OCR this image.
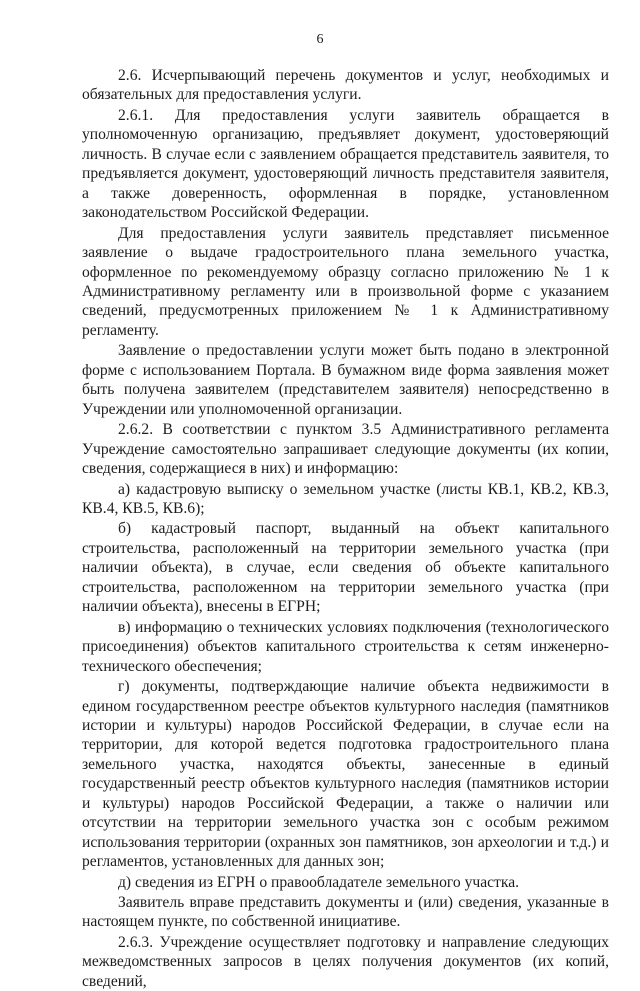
6

2.6. Исчерпывающий перечень документов и услуг, необходимых и обязательных для предоставления услуги.

2.6.1. Для предоставления услуги заявитель обращается в уполномоченную организацию, предъявляет документ, удостоверяющий личность. В случае если с заявлением обращается представитель заявителя, то предъявляется документ, удостоверяющий личность представителя заявителя, а также доверенность, оформленная в порядке, установленном законодательством Российской Федерации.

Для предоставления услуги заявитель представляет письменное заявление о выдаче градостроительного плана земельного участка, оформленное по рекомендуемому образцу согласно приложению № 1 к Административному регламенту или в произвольной форме с указанием сведений, предусмотренных приложением № 1 к Административному регламенту.

Заявление о предоставлении услуги может быть подано в электронной форме с использованием Портала. В бумажном виде форма заявления может быть получена заявителем (представителем заявителя) непосредственно в Учреждении или уполномоченной организации.

2.6.2. В соответствии с пунктом 3.5 Административного регламента Учреждение самостоятельно запрашивает следующие документы (их копии, сведения, содержащиеся в них) и информацию:

а) кадастровую выписку о земельном участке (листы КВ.1, КВ.2, КВ.3, КВ.4, КВ.5, КВ.6);

б) кадастровый паспорт, выданный на объект капитального строительства, расположенный на территории земельного участка (при наличии объекта), в случае, если сведения об объекте капитального строительства, расположенном на территории земельного участка (при наличии объекта), внесены в ЕГРН;

в) информацию о технических условиях подключения (технологического присоединения) объектов капитального строительства к сетям инженерно-технического обеспечения;

г) документы, подтверждающие наличие объекта недвижимости в едином государственном реестре объектов культурного наследия (памятников истории и культуры) народов Российской Федерации, в случае если на территории, для которой ведется подготовка градостроительного плана земельного участка, находятся объекты, занесенные в единый государственный реестр объектов культурного наследия (памятников истории и культуры) народов Российской Федерации, а также о наличии или отсутствии на территории земельного участка зон с особым режимом использования территории (охранных зон памятников, зон археологии и т.д.) и регламентов, установленных для данных зон;

д) сведения из ЕГРН о правообладателе земельного участка.

Заявитель вправе представить документы и (или) сведения, указанные в настоящем пункте, по собственной инициативе.

2.6.3. Учреждение осуществляет подготовку и направление следующих межведомственных запросов в целях получения документов (их копий, сведений,
